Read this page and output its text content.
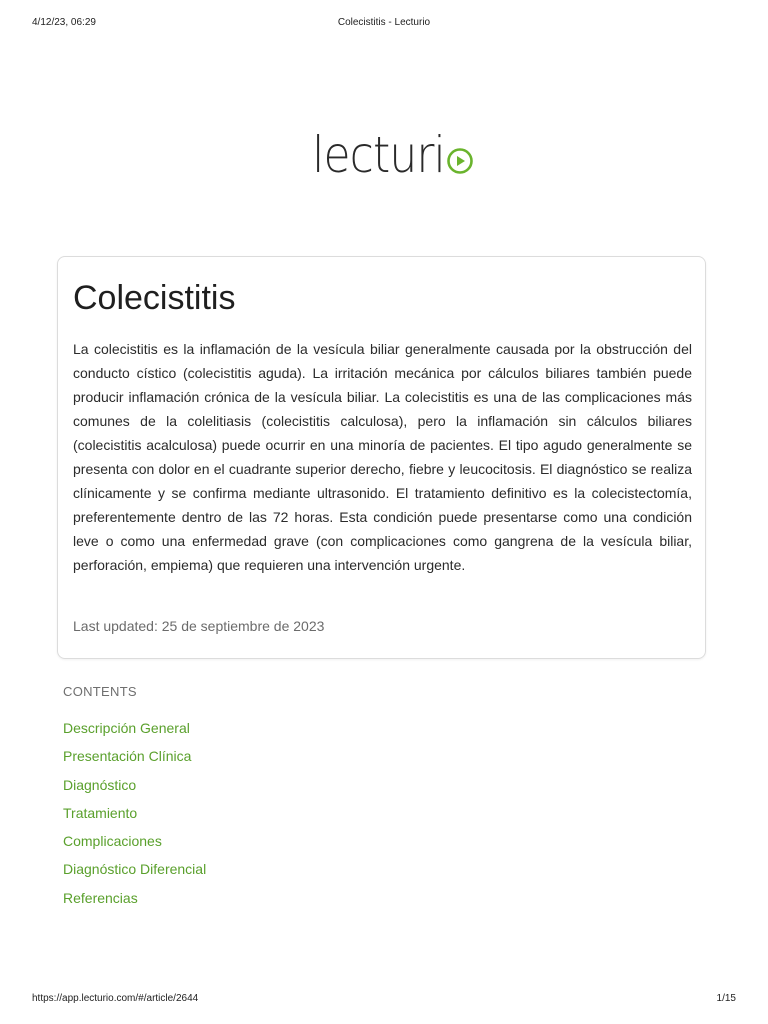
4/12/23, 06:29	Colecistitis - Lecturio
lecturi
Colecistitis

La colecistitis es la inflamación de la vesícula biliar generalmente causada por la obstrucción del conducto cístico (colecistitis aguda). La irritación mecánica por cálculos biliares también puede producir inflamación crónica de la vesícula biliar. La colecistitis es una de las complicaciones más comunes de la colelitiasis (colecistitis calculosa), pero la inflamación sin cálculos biliares (colecistitis acalculosa) puede ocurrir en una minoría de pacientes. El tipo agudo generalmente se presenta con dolor en el cuadrante superior derecho, fiebre y leucocitosis. El diagnóstico se realiza clínicamente y se confirma mediante ultrasonido. El tratamiento definitivo es la colecistectomía, preferentemente dentro de las 72 horas. Esta condición puede presentarse como una condición leve o como una enfermedad grave (con complicaciones como gangrena de la vesícula biliar, perforación, empiema) que requieren una intervención urgente.

Last updated: 25 de septiembre de 2023

CONTENTS

Descripción General
Presentación Clínica
Diagnóstico
Tratamiento
Complicaciones
Diagnóstico Diferencial
Referencias
https://app.lecturio.com/#/article/2644	1/15
